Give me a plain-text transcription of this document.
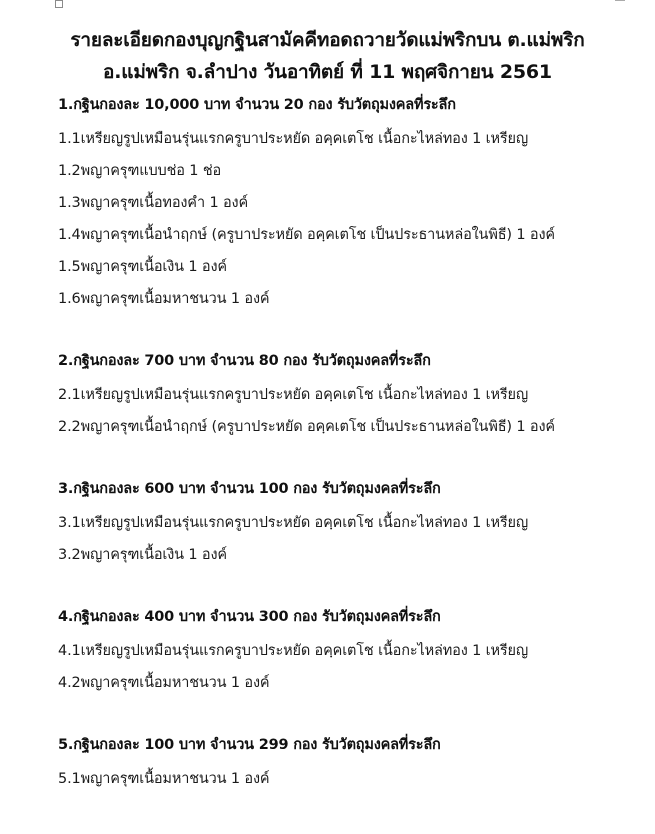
รายละเอียดกองบุญกฐินสามัคคีทอดถวายวัดแม่พริกบน ต.แม่พริก
อ.แม่พริก จ.ลำปาง วันอาทิตย์ ที่ 11 พฤศจิกายน 2561
1.กฐินกองละ 10,000 บาท จำนวน 20 กอง รับวัตถุมงคลที่ระลึก
1.1เหรียญรูปเหมือนรุ่นแรกครูบาประหยัด อคฺคเตโช เนื้อกะไหล่ทอง 1 เหรียญ
1.2พญาครุฑแบบช่อ 1 ช่อ
1.3พญาครุฑเนื้อทองคำ 1 องค์
1.4พญาครุฑเนื้อนำฤกษ์ (ครูบาประหยัด อคฺคเตโช เป็นประธานหล่อในพิธี) 1 องค์
1.5พญาครุฑเนื้อเงิน 1 องค์
1.6พญาครุฑเนื้อมหาชนวน 1 องค์
2.กฐินกองละ 700 บาท จำนวน 80 กอง รับวัตถุมงคลที่ระลึก
2.1เหรียญรูปเหมือนรุ่นแรกครูบาประหยัด อคฺคเตโช เนื้อกะไหล่ทอง 1 เหรียญ
2.2พญาครุฑเนื้อนำฤกษ์ (ครูบาประหยัด อคฺคเตโช เป็นประธานหล่อในพิธี) 1 องค์
3.กฐินกองละ 600 บาท จำนวน 100 กอง รับวัตถุมงคลที่ระลึก
3.1เหรียญรูปเหมือนรุ่นแรกครูบาประหยัด อคฺคเตโช เนื้อกะไหล่ทอง 1 เหรียญ
3.2พญาครุฑเนื้อเงิน 1 องค์
4.กฐินกองละ 400 บาท จำนวน 300 กอง รับวัตถุมงคลที่ระลึก
4.1เหรียญรูปเหมือนรุ่นแรกครูบาประหยัด อคฺคเตโช เนื้อกะไหล่ทอง 1 เหรียญ
4.2พญาครุฑเนื้อมหาชนวน 1 องค์
5.กฐินกองละ 100 บาท จำนวน 299 กอง รับวัตถุมงคลที่ระลึก
5.1พญาครุฑเนื้อมหาชนวน 1 องค์
